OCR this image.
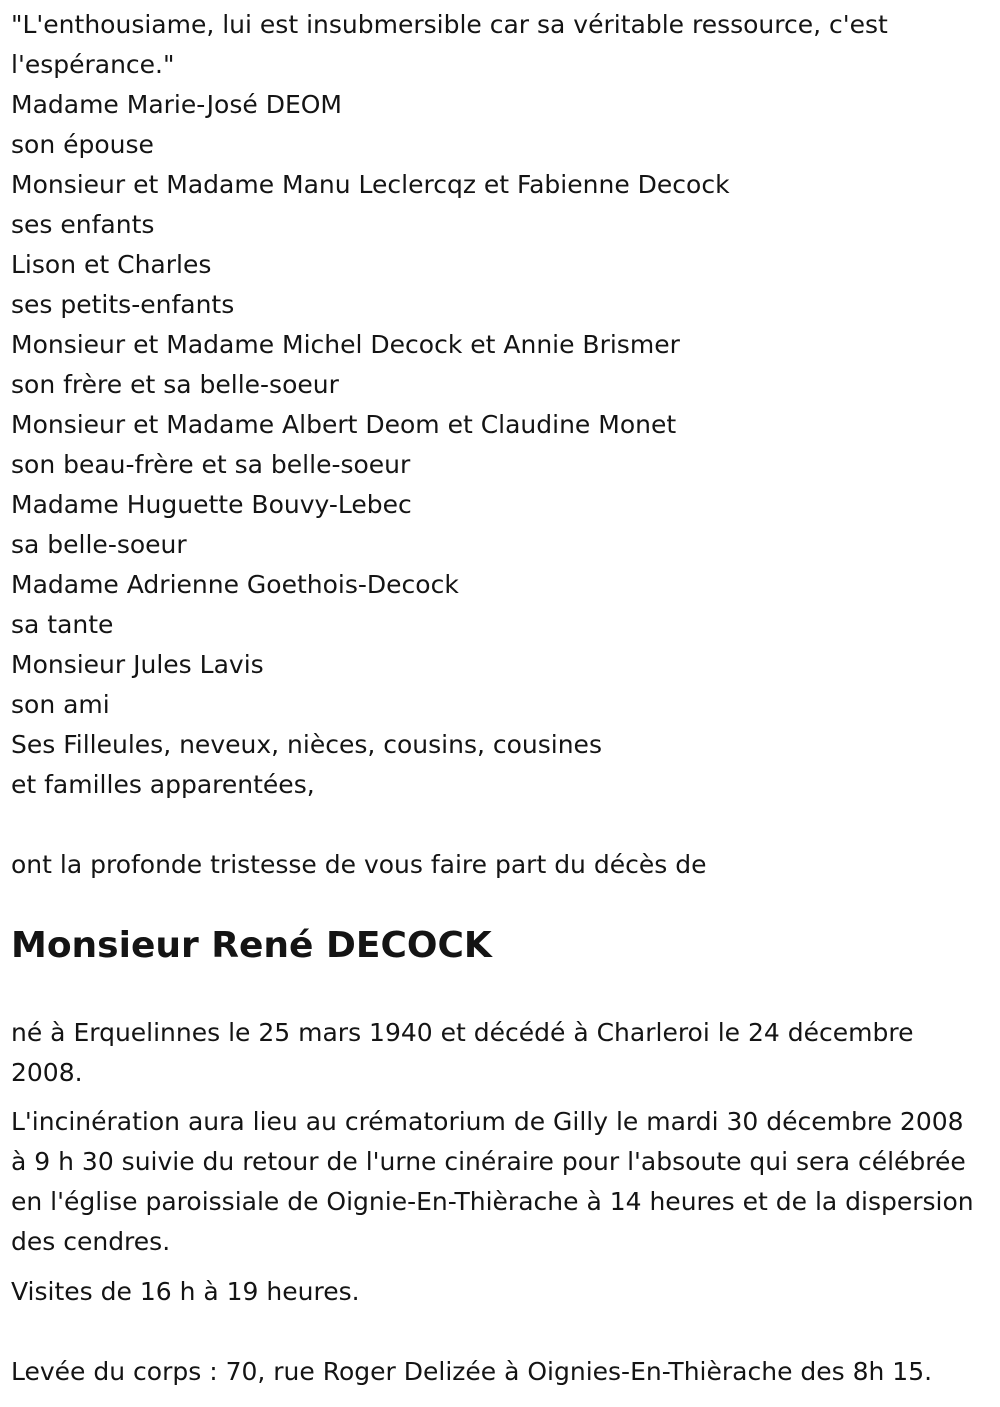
"L'enthousiame, lui est insubmersible car sa véritable ressource, c'est l'espérance."
Madame Marie-José DEOM
son épouse
Monsieur et Madame Manu Leclercqz et Fabienne Decock
ses enfants
Lison et Charles
ses petits-enfants
Monsieur et Madame Michel Decock et Annie Brismer
son frère et sa belle-soeur
Monsieur et Madame Albert Deom et Claudine Monet
son beau-frère et sa belle-soeur
Madame Huguette Bouvy-Lebec
sa belle-soeur
Madame Adrienne Goethois-Decock
sa tante
Monsieur Jules Lavis
son ami
Ses Filleules, neveux, nièces, cousins, cousines
et familles apparentées,
ont la profonde tristesse de vous faire part du décès de
Monsieur René DECOCK
né à Erquelinnes le 25 mars 1940 et décédé à Charleroi le 24 décembre 2008.
L'incinération aura lieu au crématorium de Gilly le mardi 30 décembre 2008 à 9 h 30 suivie du retour de l'urne cinéraire pour l'absoute qui sera célébrée en l'église paroissiale de Oignie-En-Thièrache à 14 heures et de la dispersion des cendres.
Visites de 16 h à 19 heures.
Levée du corps : 70, rue Roger Delizée à Oignies-En-Thièrache des 8h 15.
